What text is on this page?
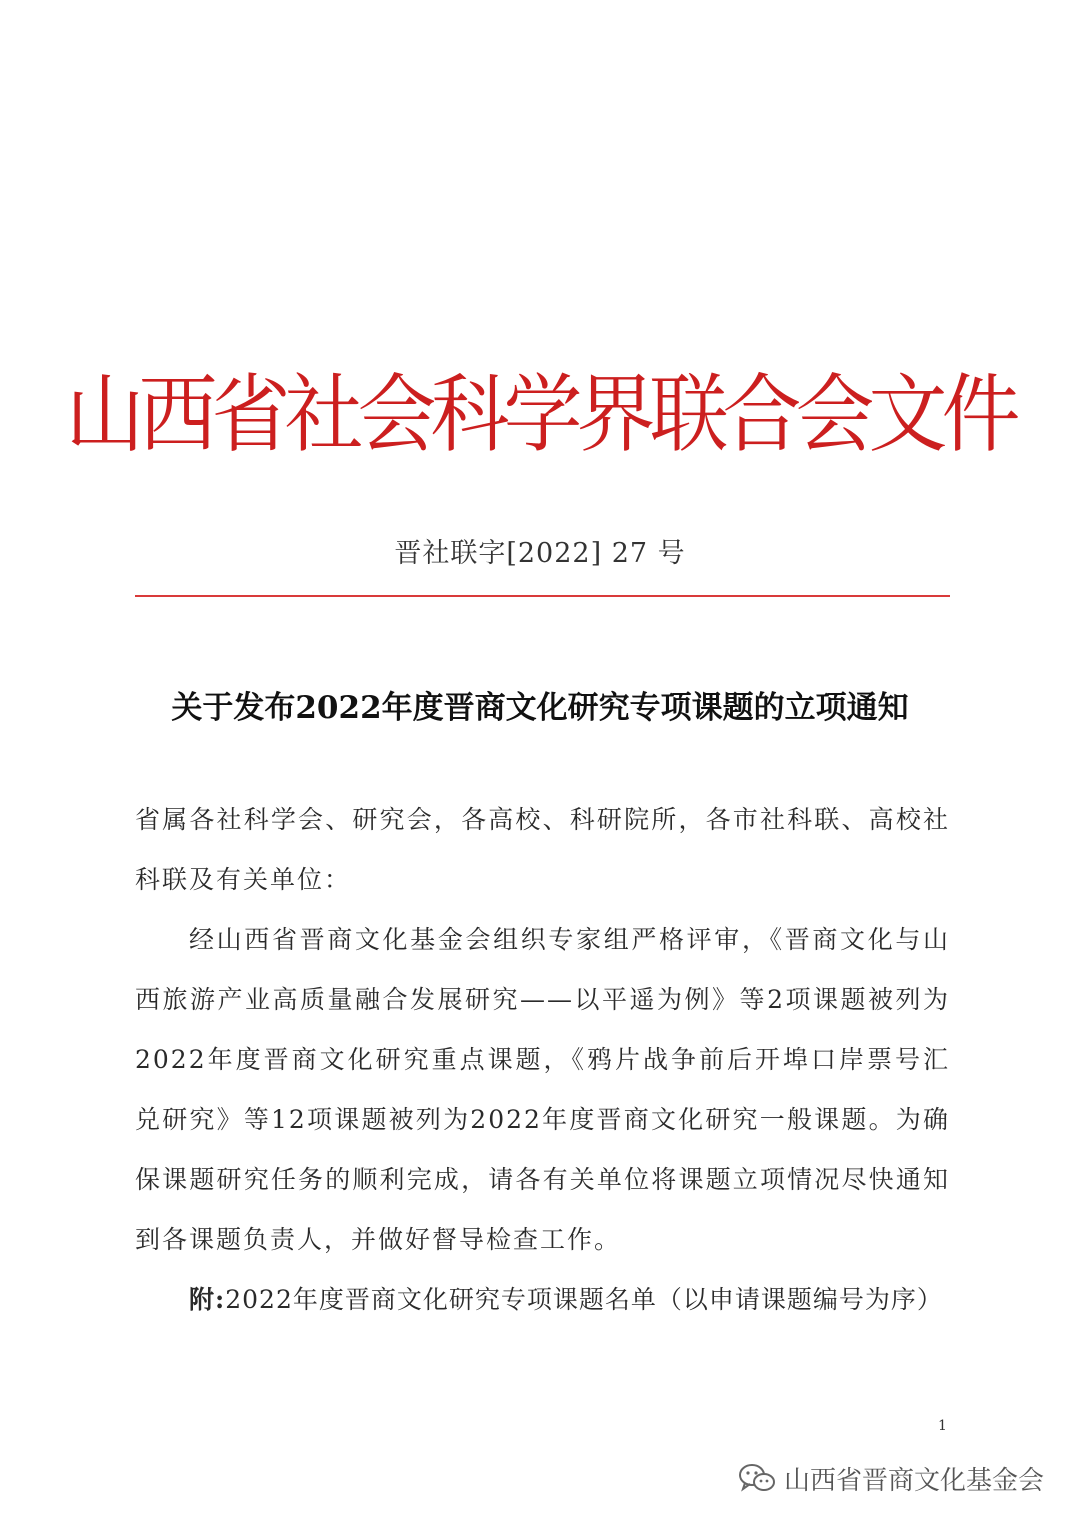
山西省社会科学界联合会文件
晋社联字[2022] 27 号
关于发布2022年度晋商文化研究专项课题的立项通知

省属各社科学会、研究会，各高校、科研院所，各市社科联、高校社科联及有关单位：

经山西省晋商文化基金会组织专家组严格评审，《晋商文化与山西旅游产业高质量融合发展研究——以平遥为例》等2项课题被列为2022年度晋商文化研究重点课题，《鸦片战争前后开埠口岸票号汇兑研究》等12项课题被列为2022年度晋商文化研究一般课题。为确保课题研究任务的顺利完成，请各有关单位将课题立项情况尽快通知到各课题负责人，并做好督导检查工作。

附:2022年度晋商文化研究专项课题名单（以申请课题编号为序）

1
山西省晋商文化基金会
